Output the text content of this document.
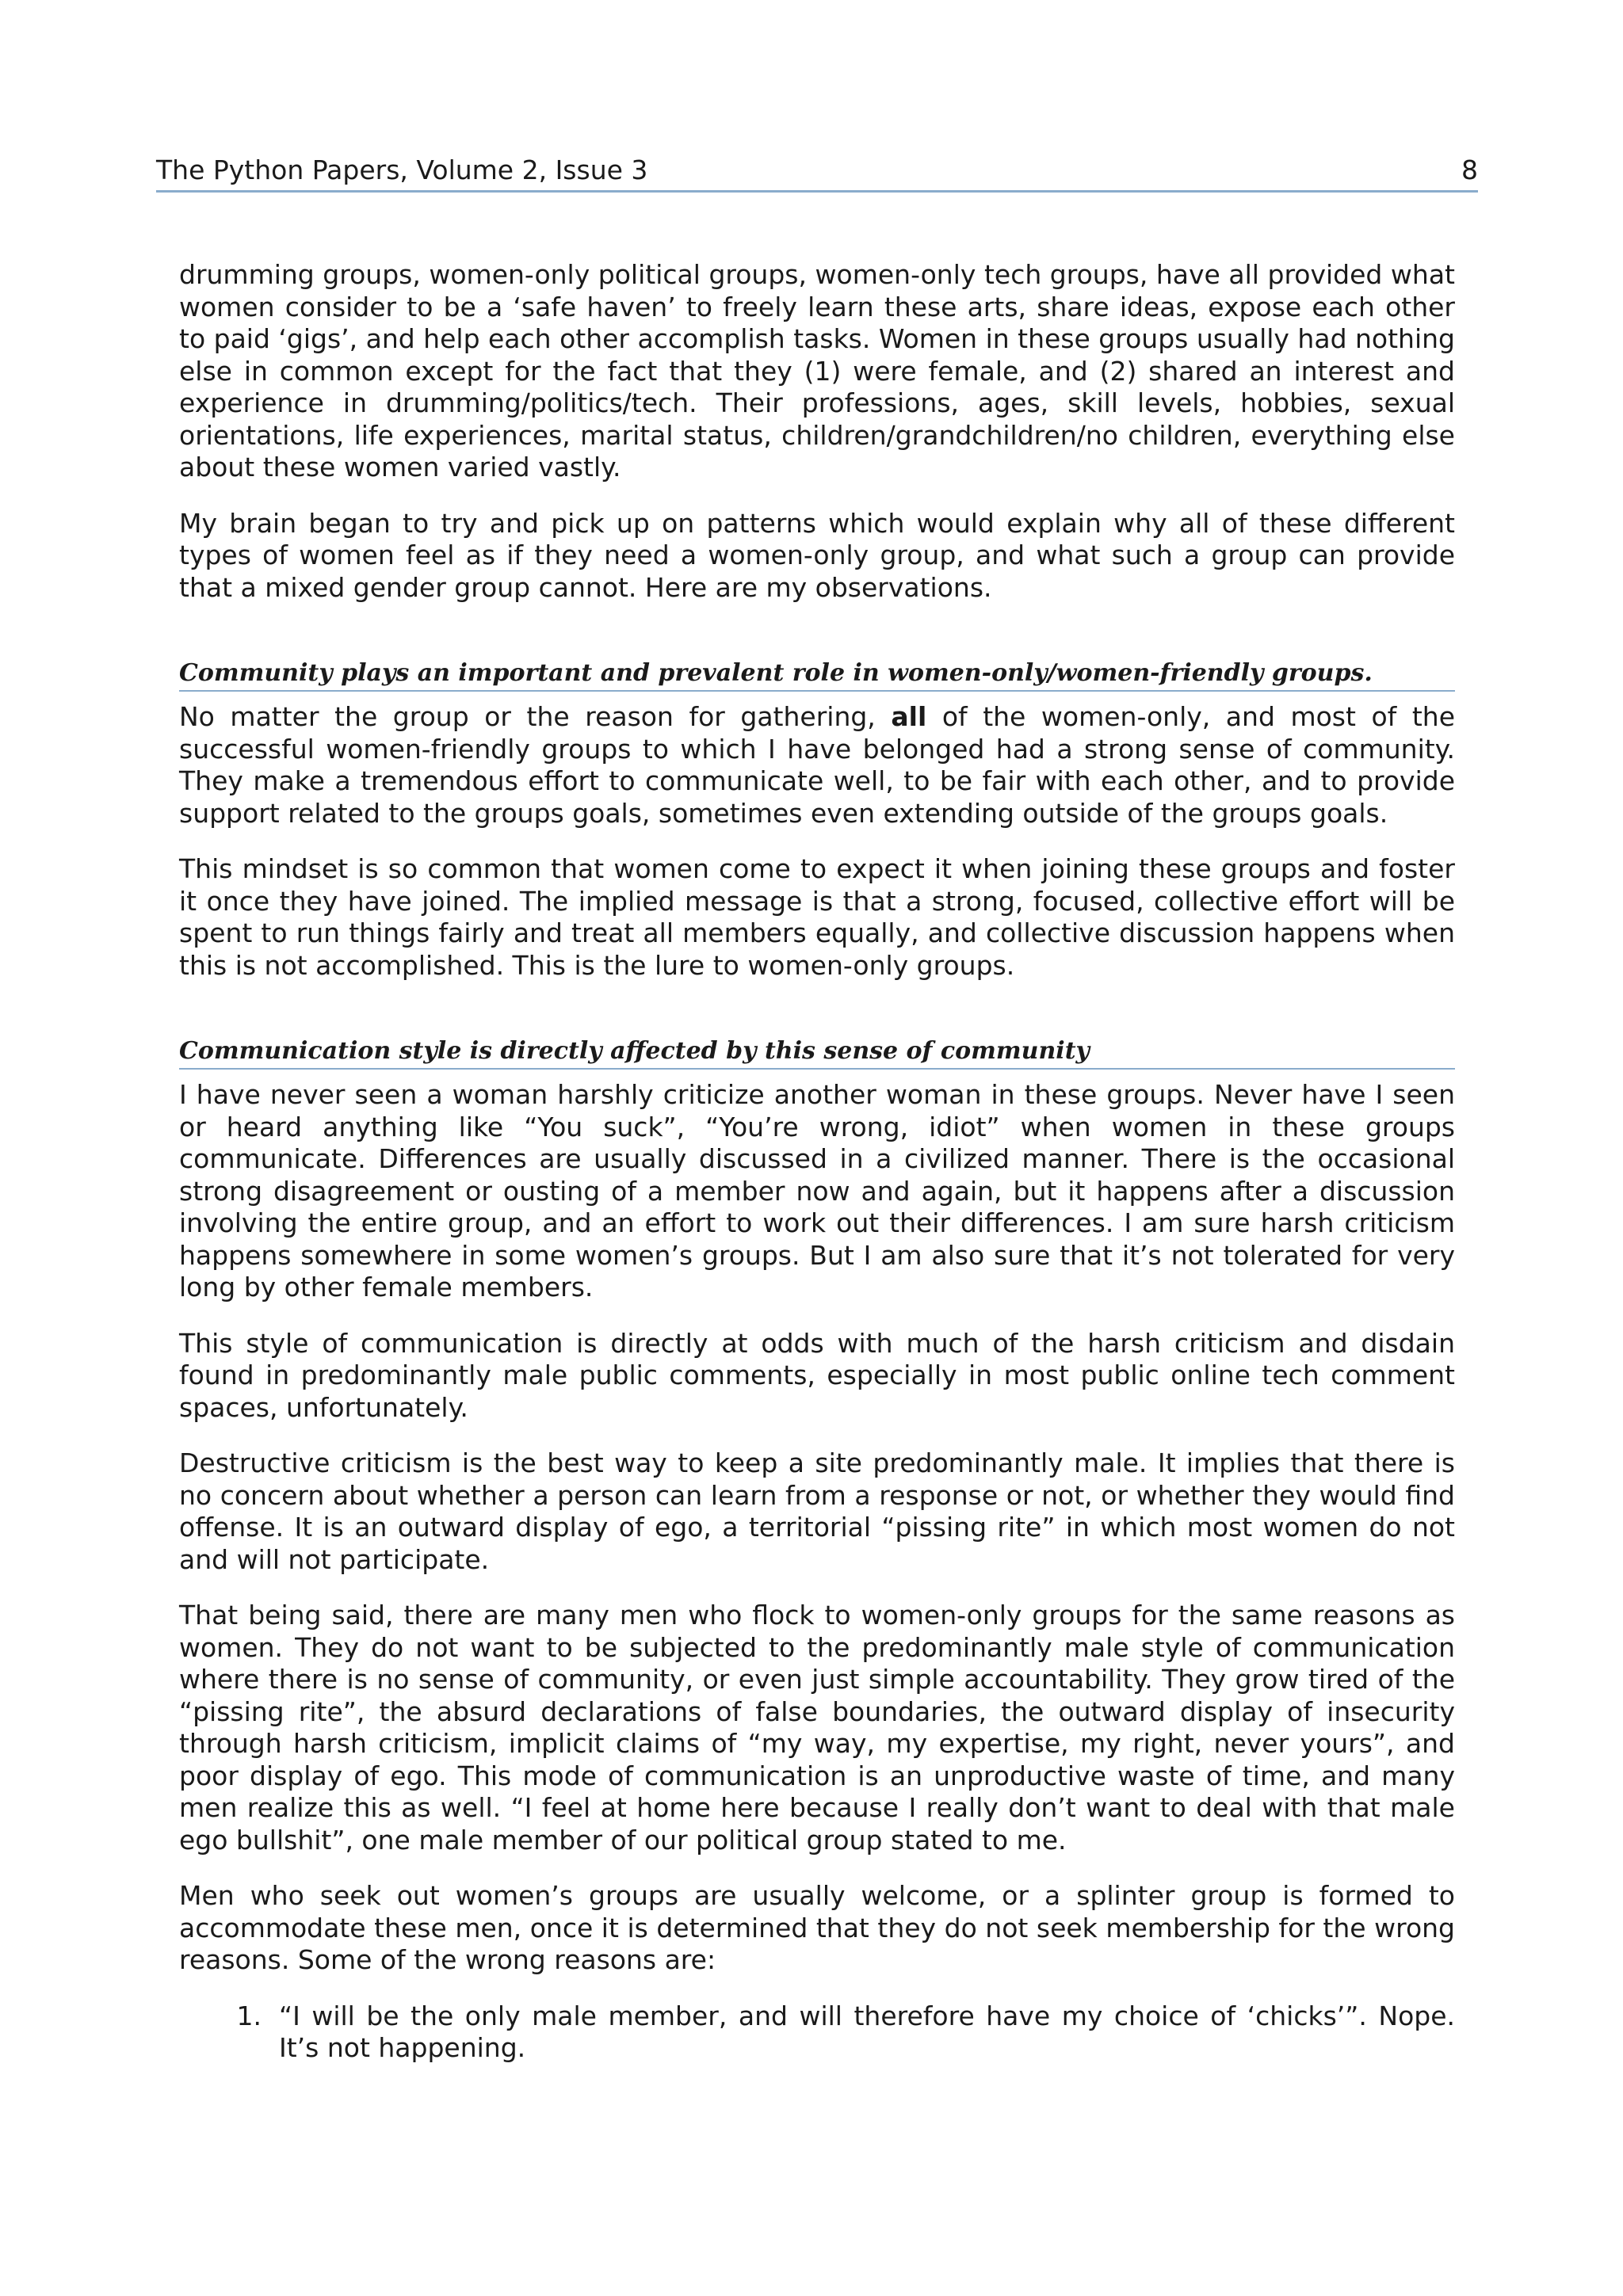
The Python Papers, Volume 2, Issue 3	8

drumming groups, women-only political groups, women-only tech groups, have all provided what women consider to be a ‘safe haven’ to freely learn these arts, share ideas, expose each other to paid ‘gigs’, and help each other accomplish tasks. Women in these groups usually had nothing else in common except for the fact that they (1) were female, and (2) shared an interest and experience in drumming/politics/tech. Their professions, ages, skill levels, hobbies, sexual orientations, life experiences, marital status, children/grandchildren/no children, everything else about these women varied vastly.

My brain began to try and pick up on patterns which would explain why all of these different types of women feel as if they need a women-only group, and what such a group can provide that a mixed gender group cannot. Here are my observations.

Community plays an important and prevalent role in women-only/women-friendly groups.

No matter the group or the reason for gathering, all of the women-only, and most of the successful women-friendly groups to which I have belonged had a strong sense of community. They make a tremendous effort to communicate well, to be fair with each other, and to provide support related to the groups goals, sometimes even extending outside of the groups goals.

This mindset is so common that women come to expect it when joining these groups and foster it once they have joined. The implied message is that a strong, focused, collective effort will be spent to run things fairly and treat all members equally, and collective discussion happens when this is not accomplished. This is the lure to women-only groups.

Communication style is directly affected by this sense of community

I have never seen a woman harshly criticize another woman in these groups. Never have I seen or heard anything like “You suck”, “You’re wrong, idiot” when women in these groups communicate. Differences are usually discussed in a civilized manner. There is the occasional strong disagreement or ousting of a member now and again, but it happens after a discussion involving the entire group, and an effort to work out their differences. I am sure harsh criticism happens somewhere in some women’s groups. But I am also sure that it’s not tolerated for very long by other female members.

This style of communication is directly at odds with much of the harsh criticism and disdain found in predominantly male public comments, especially in most public online tech comment spaces, unfortunately.

Destructive criticism is the best way to keep a site predominantly male. It implies that there is no concern about whether a person can learn from a response or not, or whether they would find offense. It is an outward display of ego, a territorial “pissing rite” in which most women do not and will not participate.

That being said, there are many men who flock to women-only groups for the same reasons as women. They do not want to be subjected to the predominantly male style of communication where there is no sense of community, or even just simple accountability. They grow tired of the “pissing rite”, the absurd declarations of false boundaries, the outward display of insecurity through harsh criticism, implicit claims of “my way, my expertise, my right, never yours”, and poor display of ego. This mode of communication is an unproductive waste of time, and many men realize this as well. “I feel at home here because I really don’t want to deal with that male ego bullshit”, one male member of our political group stated to me.

Men who seek out women’s groups are usually welcome, or a splinter group is formed to accommodate these men, once it is determined that they do not seek membership for the wrong reasons. Some of the wrong reasons are:

1. “I will be the only male member, and will therefore have my choice of ‘chicks’”. Nope. It’s not happening.
